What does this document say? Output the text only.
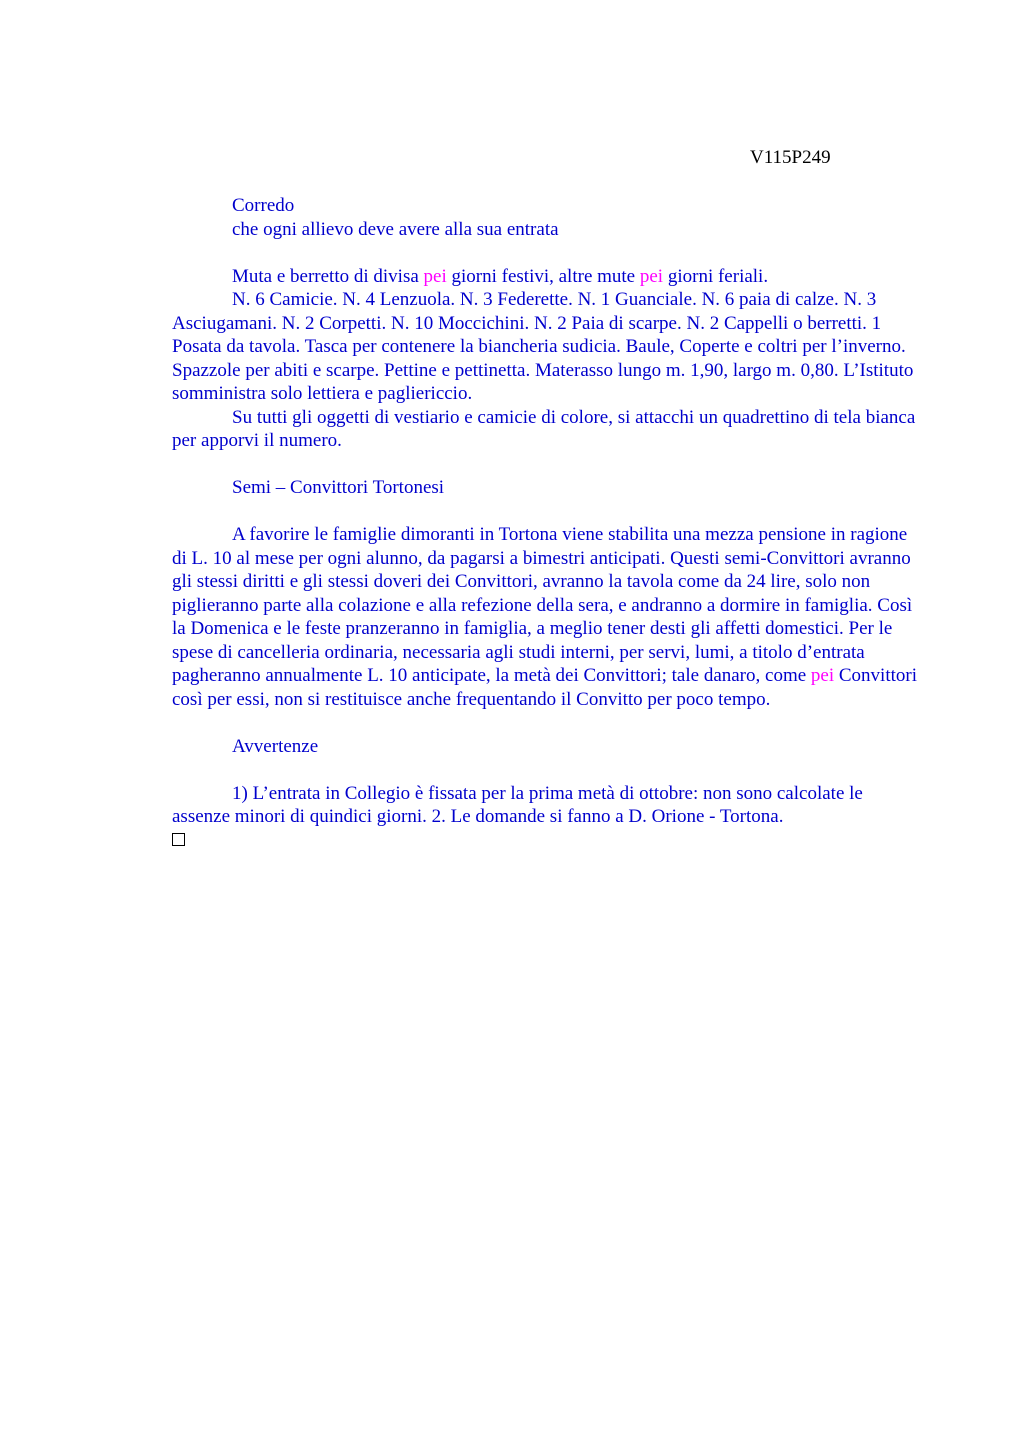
V115P249

Corredo

che ogni allievo deve avere alla sua entrata

Muta e berretto di divisa pei giorni festivi, altre mute pei giorni feriali.

N. 6 Camicie. N. 4 Lenzuola. N. 3 Federette. N. 1 Guanciale. N. 6 paia di calze. N. 3 Asciugamani. N. 2 Corpetti. N. 10 Moccichini. N. 2 Paia di scarpe. N. 2 Cappelli o berretti. 1 Posata da tavola. Tasca per contenere la biancheria sudicia. Baule, Coperte e coltri per l’inverno. Spazzole per abiti e scarpe. Pettine e pettinetta. Materasso lungo m. 1,90, largo m. 0,80. L’Istituto somministra solo lettiera e pagliericcio.

Su tutti gli oggetti di vestiario e camicie di colore, si attacchi un quadrettino di tela bianca per apporvi il numero.

Semi – Convittori Tortonesi

A favorire le famiglie dimoranti in Tortona viene stabilita una mezza pensione in ragione di L. 10 al mese per ogni alunno, da pagarsi a bimestri anticipati. Questi semi-Convittori avranno gli stessi diritti e gli stessi doveri dei Convittori, avranno la tavola come da 24 lire, solo non piglieranno parte alla colazione e alla refezione della sera, e andranno a dormire in famiglia. Così la Domenica e le feste pranzeranno in famiglia, a meglio tener desti gli affetti domestici. Per le spese di cancelleria ordinaria, necessaria agli studi interni, per servi, lumi, a titolo d’entrata pagheranno annualmente L. 10 anticipate, la metà dei Convittori; tale danaro, come pei Convittori così per essi, non si restituisce anche frequentando il Convitto per poco tempo.

Avvertenze

1) L’entrata in Collegio è fissata per la prima metà di ottobre: non sono calcolate le assenze minori di quindici giorni. 2. Le domande si fanno a D. Orione - Tortona.
